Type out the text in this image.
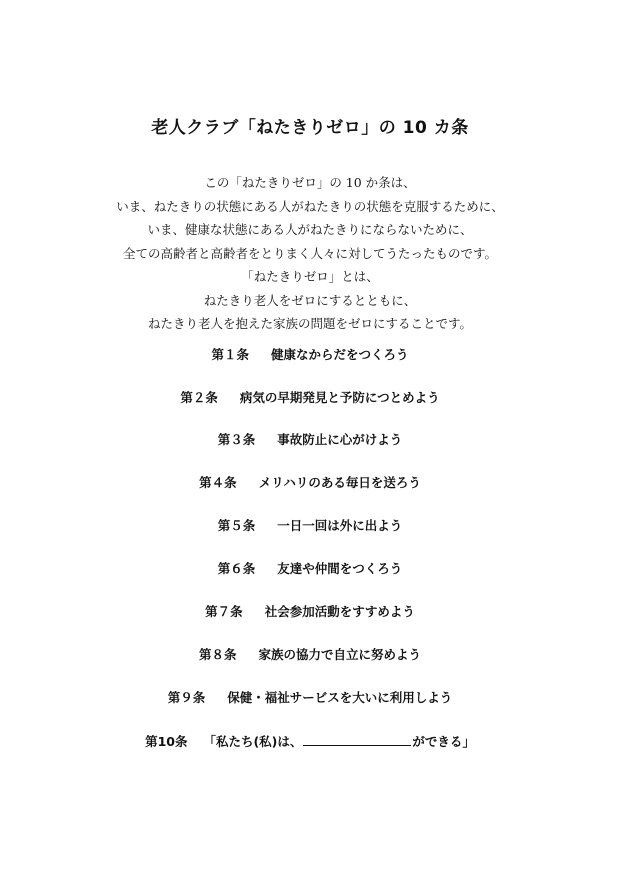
老人クラブ「ねたきりゼロ」の 10 カ条
この「ねたきりゼロ」の 10 か条は、
いま、ねたきりの状態にある人がねたきりの状態を克服するために、
いま、健康な状態にある人がねたきりにならないために、
全ての高齢者と高齢者をとりまく人々に対してうたったものです。
「ねたきりゼロ」とは、
ねたきり老人をゼロにするとともに、
ねたきり老人を抱えた家族の問題をゼロにすることです。
第１条 健康なからだをつくろう
第２条 病気の早期発見と予防につとめよう
第３条 事故防止に心がけよう
第４条 メリハリのある毎日を送ろう
第５条 一日一回は外に出よう
第６条 友達や仲間をつくろう
第７条 社会参加活動をすすめよう
第８条 家族の協力で自立に努めよう
第９条 保健・福祉サービスを大いに利用しよう
第10条 「私たち(私)は、	ができる」
